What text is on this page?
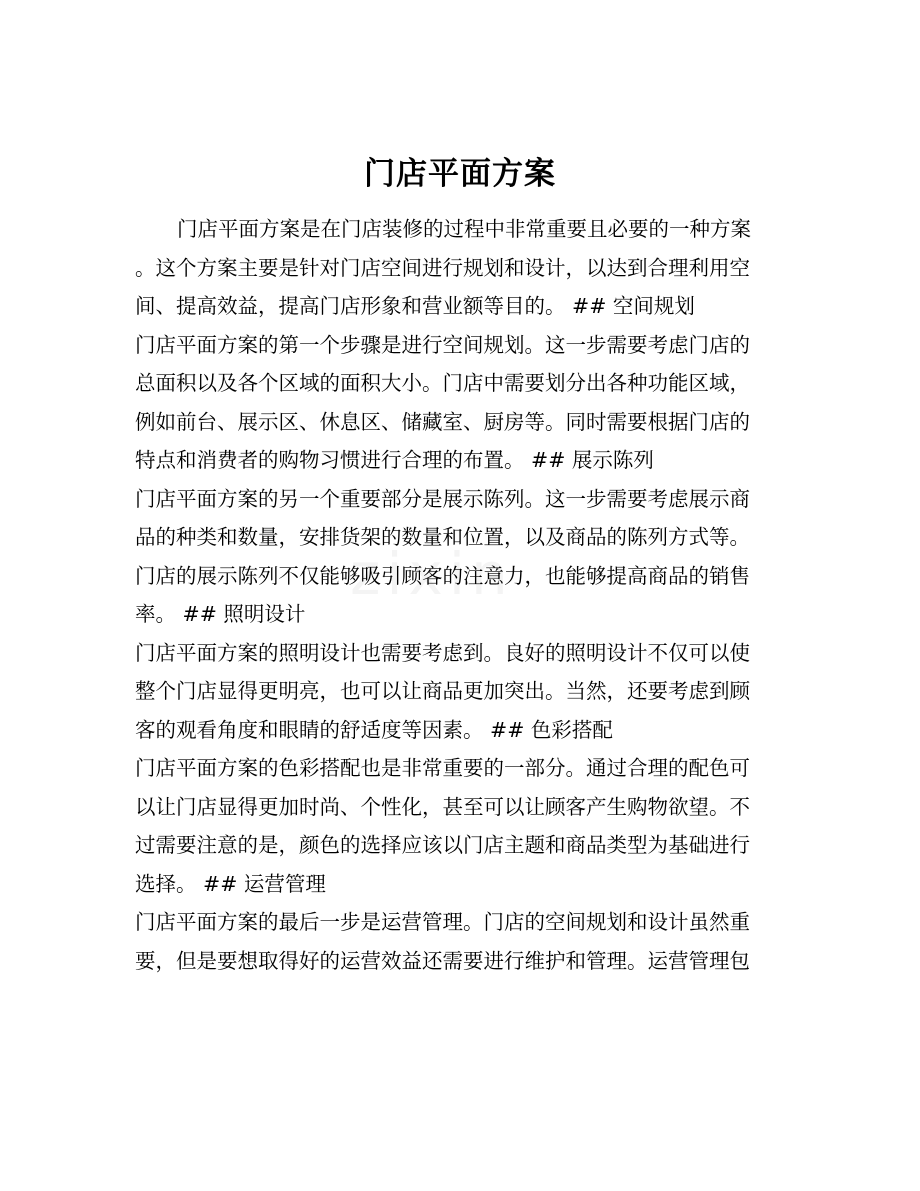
门店平面方案
门店平面方案是在门店装修的过程中非常重要且必要的一种方案
。这个方案主要是针对门店空间进行规划和设计，以达到合理利用空
间、提高效益，提高门店形象和营业额等目的。 ## 空间规划
门店平面方案的第一个步骤是进行空间规划。这一步需要考虑门店的
总面积以及各个区域的面积大小。门店中需要划分出各种功能区域，
例如前台、展示区、休息区、储藏室、厨房等。同时需要根据门店的
特点和消费者的购物习惯进行合理的布置。 ## 展示陈列
门店平面方案的另一个重要部分是展示陈列。这一步需要考虑展示商
品的种类和数量，安排货架的数量和位置，以及商品的陈列方式等。
门店的展示陈列不仅能够吸引顾客的注意力，也能够提高商品的销售
率。 ## 照明设计
门店平面方案的照明设计也需要考虑到。良好的照明设计不仅可以使
整个门店显得更明亮，也可以让商品更加突出。当然，还要考虑到顾
客的观看角度和眼睛的舒适度等因素。 ## 色彩搭配
门店平面方案的色彩搭配也是非常重要的一部分。通过合理的配色可
以让门店显得更加时尚、个性化，甚至可以让顾客产生购物欲望。不
过需要注意的是，颜色的选择应该以门店主题和商品类型为基础进行
选择。 ## 运营管理
门店平面方案的最后一步是运营管理。门店的空间规划和设计虽然重
要，但是要想取得好的运营效益还需要进行维护和管理。运营管理包
